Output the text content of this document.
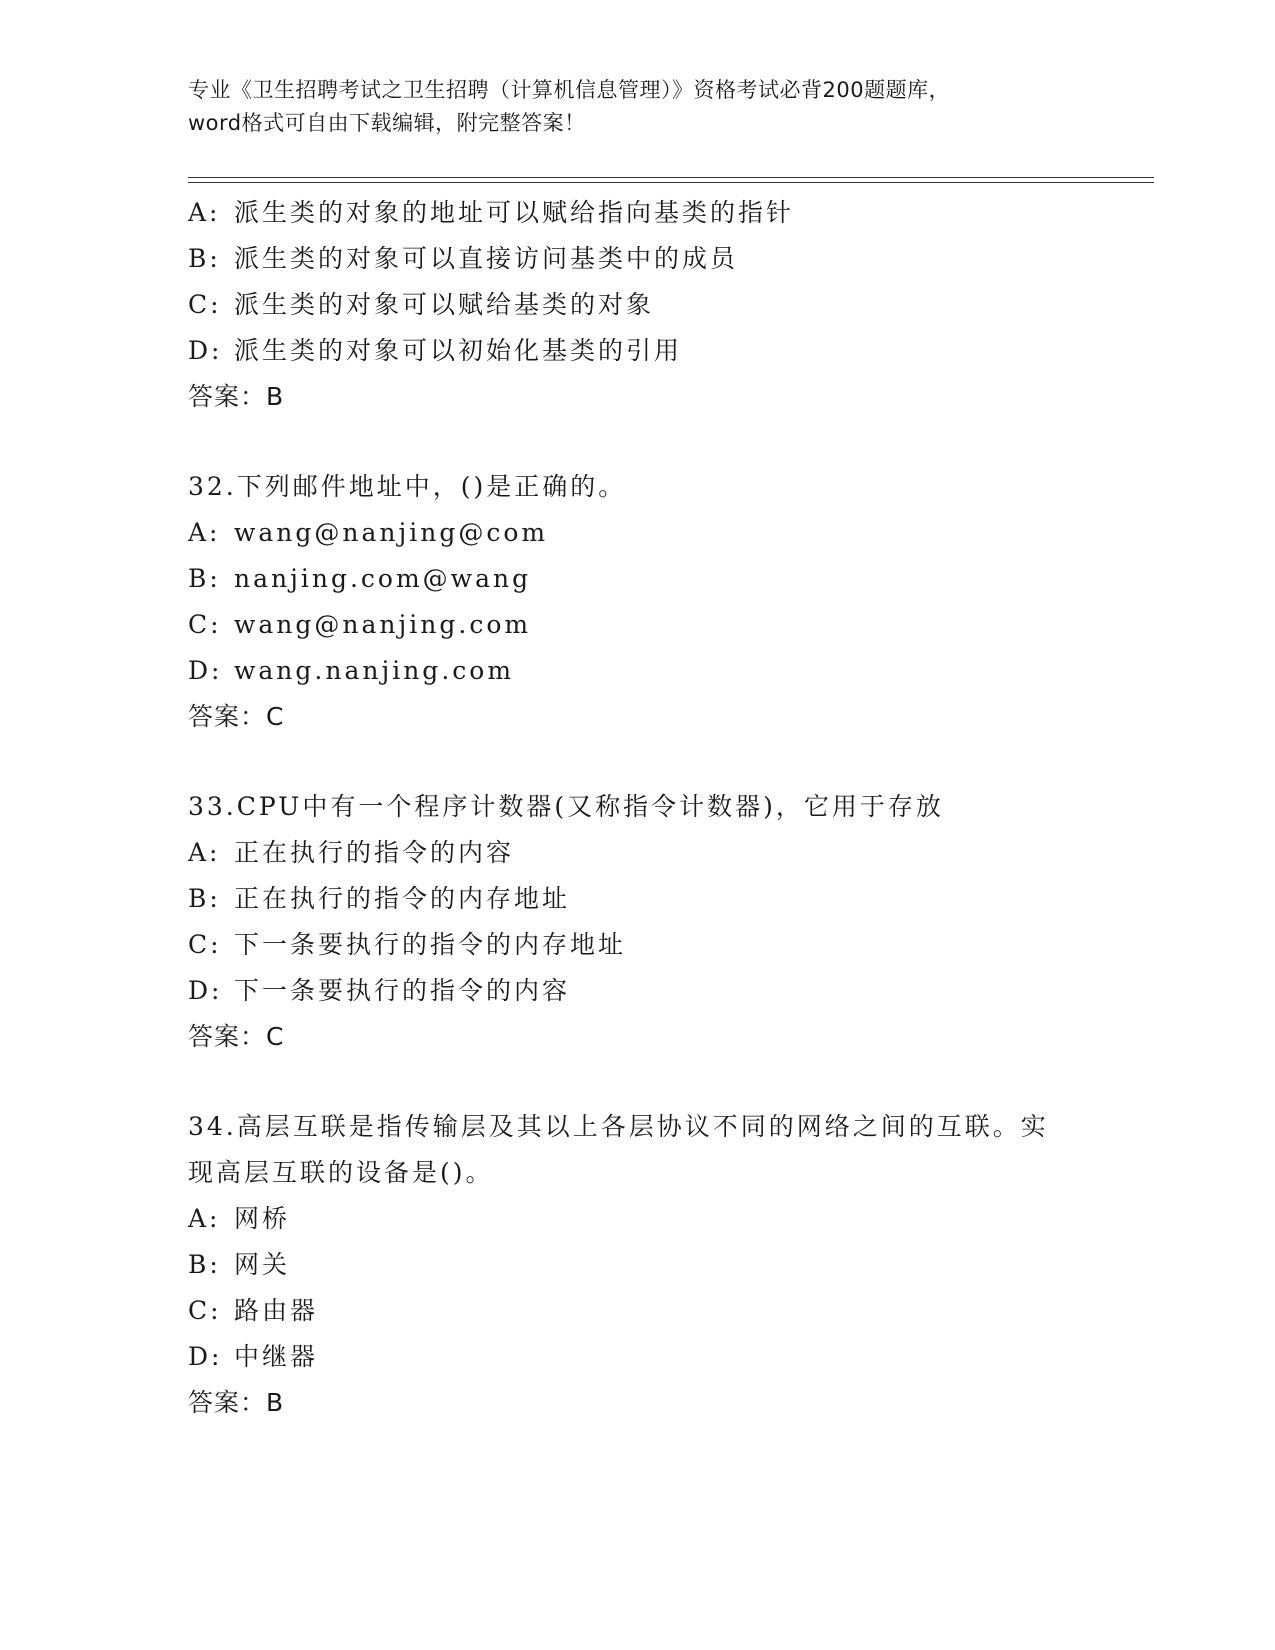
专业《卫生招聘考试之卫生招聘（计算机信息管理）》资格考试必背200题题库，
word格式可自由下载编辑，附完整答案！
A: 派生类的对象的地址可以赋给指向基类的指针
B: 派生类的对象可以直接访问基类中的成员
C: 派生类的对象可以赋给基类的对象
D: 派生类的对象可以初始化基类的引用
答案：B
32.下列邮件地址中，()是正确的。
A: wang@nanjing@com
B: nanjing.com@wang
C: wang@nanjing.com
D: wang.nanjing.com
答案：C
33.CPU中有一个程序计数器(又称指令计数器)，它用于存放
A: 正在执行的指令的内容
B: 正在执行的指令的内存地址
C: 下一条要执行的指令的内存地址
D: 下一条要执行的指令的内容
答案：C
34.高层互联是指传输层及其以上各层协议不同的网络之间的互联。实
现高层互联的设备是()。
A: 网桥
B: 网关
C: 路由器
D: 中继器
答案：B
